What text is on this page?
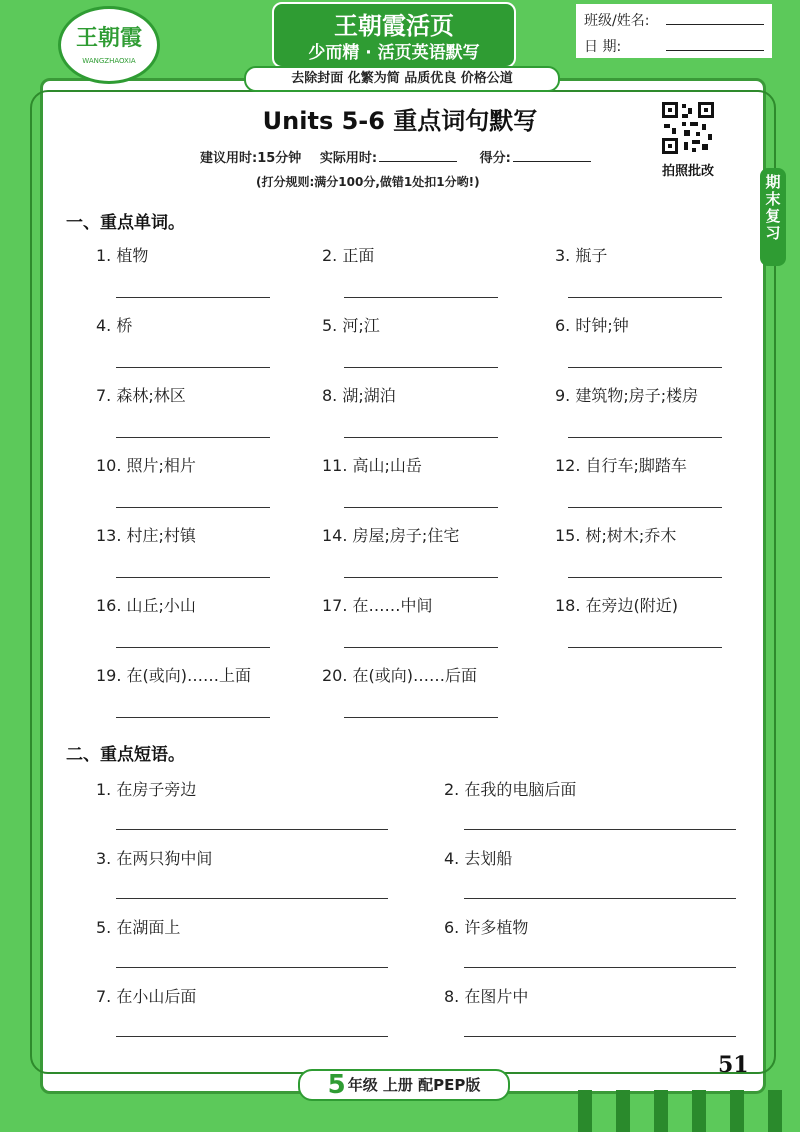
王朝霞
WANGZHAOXIA
王朝霞活页
少而精 · 活页英语默写
去除封面 化繁为简 品质优良 价格公道
班级/姓名:
日 期:
Units 5-6 重点词句默写
拍照批改
建议用时:15分钟 实际用时:	得分:
(打分规则:满分100分,做错1处扣1分哟!)	期末复习
一、重点单词。
1. 植物	2. 正面	3. 瓶子
4. 桥	5. 河;江	6. 时钟;钟
7. 森林;林区	8. 湖;湖泊	9. 建筑物;房子;楼房
10. 照片;相片	11. 高山;山岳	12. 自行车;脚踏车
13. 村庄;村镇	14. 房屋;房子;住宅	15. 树;树木;乔木
16. 山丘;小山	17. 在……中间	18. 在旁边(附近)
19. 在(或向)……上面	20. 在(或向)……后面
二、重点短语。
1. 在房子旁边	2. 在我的电脑后面
3. 在两只狗中间	4. 去划船
5. 在湖面上	6. 许多植物
7. 在小山后面	8. 在图片中
5 年级 上册 配PEP版
51
